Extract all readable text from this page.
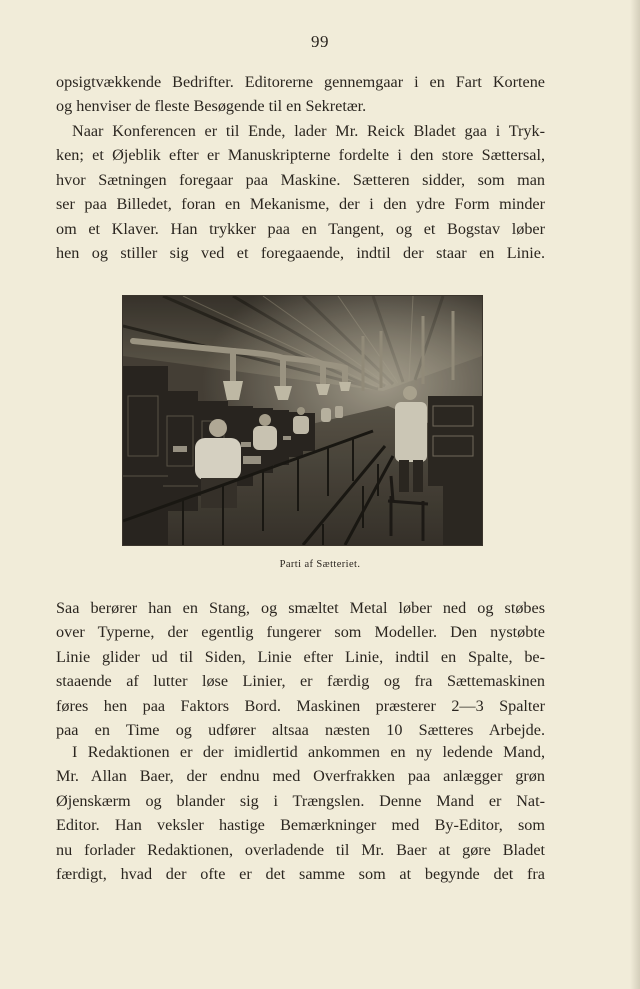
99
opsigtvækkende Bedrifter. Editorerne gennemgaar i en Fart Kortene
og henviser de fleste Besøgende til en Sekretær.
Naar Konferencen er til Ende, lader Mr. Reick Bladet gaa i Tryk-
ken; et Øjeblik efter er Manuskripterne fordelte i den store Sættersal,
hvor Sætningen foregaar paa Maskine. Sætteren sidder, som man
ser paa Billedet, foran en Mekanisme, der i den ydre Form minder
om et Klaver. Han trykker paa en Tangent, og et Bogstav løber
hen og stiller sig ved et foregaaende, indtil der staar en Linie.
Parti af Sætteriet.
Saa berører han en Stang, og smæltet Metal løber ned og støbes
over Typerne, der egentlig fungerer som Modeller. Den nystøbte
Linie glider ud til Siden, Linie efter Linie, indtil en Spalte, be-
staaende af lutter løse Linier, er færdig og fra Sættemaskinen
føres hen paa Faktors Bord. Maskinen præsterer 2—3 Spalter
paa en Time og udfører altsaa næsten 10 Sætteres Arbejde.
I Redaktionen er der imidlertid ankommen en ny ledende Mand,
Mr. Allan Baer, der endnu med Overfrakken paa anlægger grøn
Øjenskærm og blander sig i Trængslen. Denne Mand er Nat-
Editor. Han veksler hastige Bemærkninger med By-Editor, som
nu forlader Redaktionen, overladende til Mr. Baer at gøre Bladet
færdigt, hvad der ofte er det samme som at begynde det fra
